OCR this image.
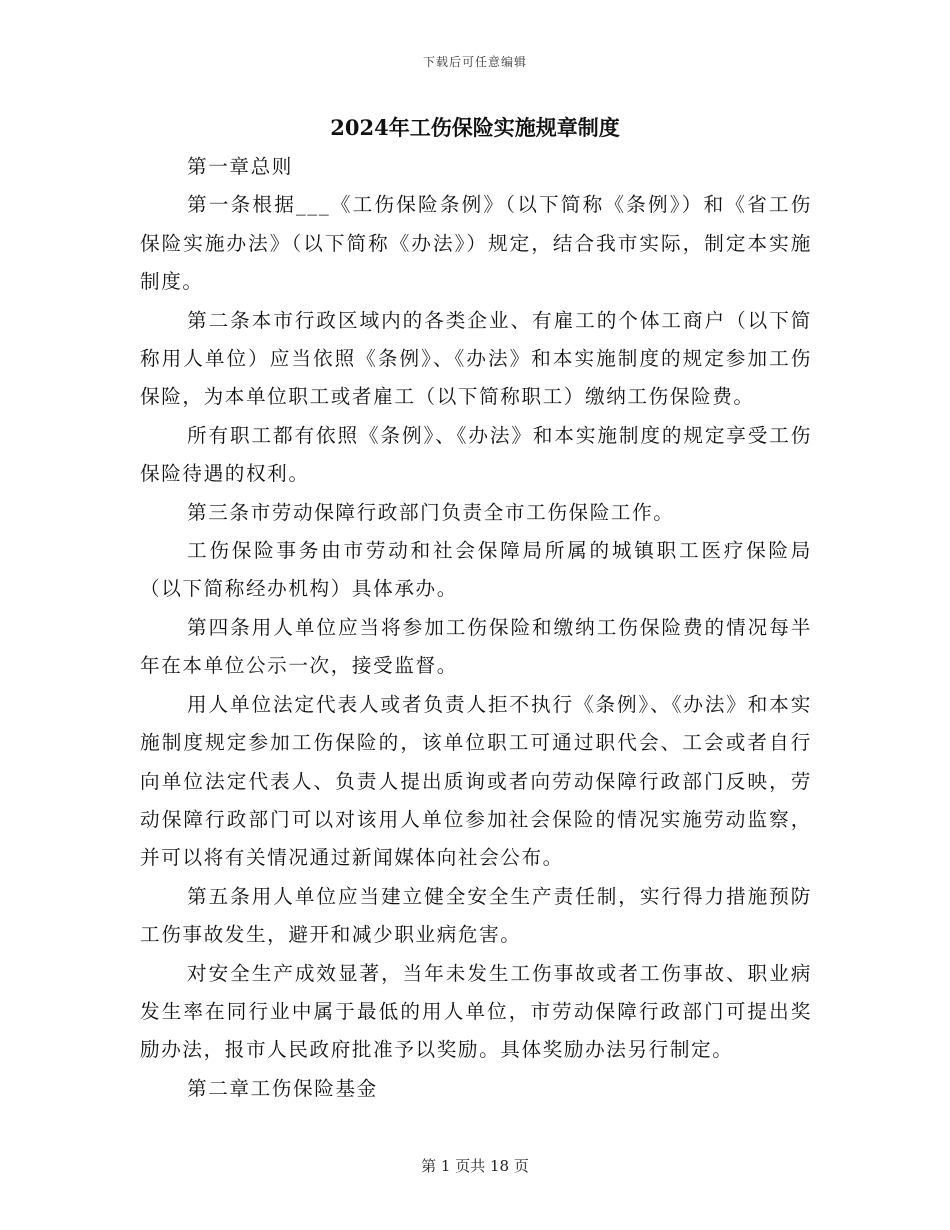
下载后可任意编辑
2024年工伤保险实施规章制度

第一章总则

第一条根据___《工伤保险条例》（以下简称《条例》）和《省工伤保险实施办法》（以下简称《办法》）规定，结合我市实际，制定本实施制度。

第二条本市行政区域内的各类企业、有雇工的个体工商户（以下简称用人单位）应当依照《条例》、《办法》和本实施制度的规定参加工伤保险，为本单位职工或者雇工（以下简称职工）缴纳工伤保险费。

所有职工都有依照《条例》、《办法》和本实施制度的规定享受工伤保险待遇的权利。

第三条市劳动保障行政部门负责全市工伤保险工作。

工伤保险事务由市劳动和社会保障局所属的城镇职工医疗保险局（以下简称经办机构）具体承办。

第四条用人单位应当将参加工伤保险和缴纳工伤保险费的情况每半年在本单位公示一次，接受监督。

用人单位法定代表人或者负责人拒不执行《条例》、《办法》和本实施制度规定参加工伤保险的，该单位职工可通过职代会、工会或者自行向单位法定代表人、负责人提出质询或者向劳动保障行政部门反映，劳动保障行政部门可以对该用人单位参加社会保险的情况实施劳动监察，并可以将有关情况通过新闻媒体向社会公布。

第五条用人单位应当建立健全安全生产责任制，实行得力措施预防工伤事故发生，避开和减少职业病危害。

对安全生产成效显著，当年未发生工伤事故或者工伤事故、职业病发生率在同行业中属于最低的用人单位，市劳动保障行政部门可提出奖励办法，报市人民政府批准予以奖励。具体奖励办法另行制定。

第二章工伤保险基金

第 1 页共 18 页
